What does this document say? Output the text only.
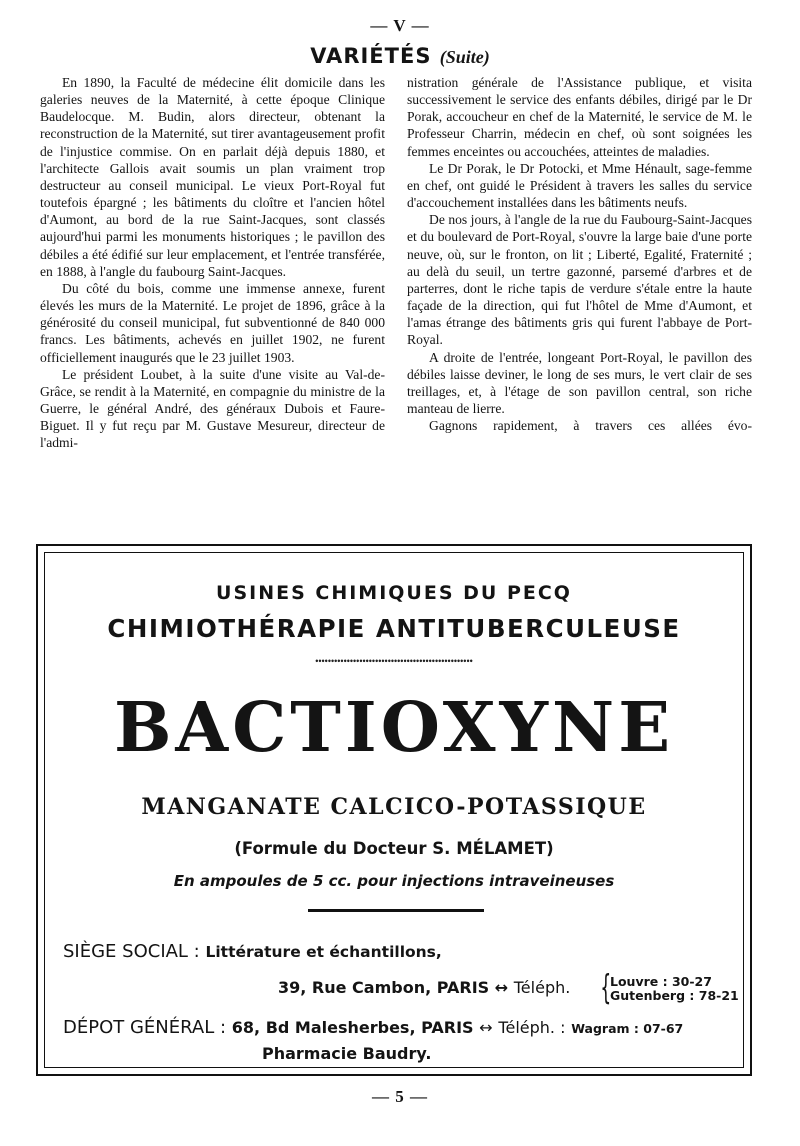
— V —
VARIÉTÉS (Suite)

En 1890, la Faculté de médecine élit domicile dans les galeries neuves de la Maternité, à cette époque Clinique Baudelocque. M. Budin, alors directeur, obtenant la reconstruction de la Maternité, sut tirer avantageusement profit de l'injustice commise. On en parlait déjà depuis 1880, et l'architecte Gallois avait soumis un plan vraiment trop destructeur au conseil municipal. Le vieux Port-Royal fut toutefois épargné ; les bâtiments du cloître et l'ancien hôtel d'Aumont, au bord de la rue Saint-Jacques, sont classés aujourd'hui parmi les monuments historiques ; le pavillon des débiles a été édifié sur leur emplacement, et l'entrée transférée, en 1888, à l'angle du faubourg Saint-Jacques.

Du côté du bois, comme une immense annexe, furent élevés les murs de la Maternité. Le projet de 1896, grâce à la générosité du conseil municipal, fut subventionné de 840 000 francs. Les bâtiments, achevés en juillet 1902, ne furent officiellement inaugurés que le 23 juillet 1903.

Le président Loubet, à la suite d'une visite au Val-de-Grâce, se rendit à la Maternité, en compagnie du ministre de la Guerre, le général André, des généraux Dubois et Faure-Biguet. Il y fut reçu par M. Gustave Mesureur, directeur de l'admi-

nistration générale de l'Assistance publique, et visita successivement le service des enfants débiles, dirigé par le Dr Porak, accoucheur en chef de la Maternité, le service de M. le Professeur Charrin, médecin en chef, où sont soignées les femmes enceintes ou accouchées, atteintes de maladies.

Le Dr Porak, le Dr Potocki, et Mme Hénault, sage-femme en chef, ont guidé le Président à travers les salles du service d'accouchement installées dans les bâtiments neufs.

De nos jours, à l'angle de la rue du Faubourg-Saint-Jacques et du boulevard de Port-Royal, s'ouvre la large baie d'une porte neuve, où, sur le fronton, on lit ; Liberté, Egalité, Fraternité ; au delà du seuil, un tertre gazonné, parsemé d'arbres et de parterres, dont le riche tapis de verdure s'étale entre la haute façade de la direction, qui fut l'hôtel de Mme d'Aumont, et l'amas étrange des bâtiments gris qui furent l'abbaye de Port-Royal.

A droite de l'entrée, longeant Port-Royal, le pavillon des débiles laisse deviner, le long de ses murs, le vert clair de ses treillages, et, à l'étage de son pavillon central, son riche manteau de lierre.

Gagnons rapidement, à travers ces allées évo-

USINES CHIMIQUES DU PECQ
CHIMIOTHÉRAPIE ANTITUBERCULEUSE
••••••••••••••••••••••••••••••••••••••••••••••••••
BACTIOXYNE
MANGANATE CALCICO-POTASSIQUE
(Formule du Docteur S. MÉLAMET)
En ampoules de 5 cc. pour injections intraveineuses
SIÈGE SOCIAL : Littérature et échantillons,
39, Rue Cambon, PARIS ↔ Téléph. {
Louvre : 30-27
Gutenberg : 78-21
DÉPOT GÉNÉRAL : 68, Bd Malesherbes, PARIS ↔ Téléph. : Wagram : 07-67
Pharmacie Baudry.
— 5 —
